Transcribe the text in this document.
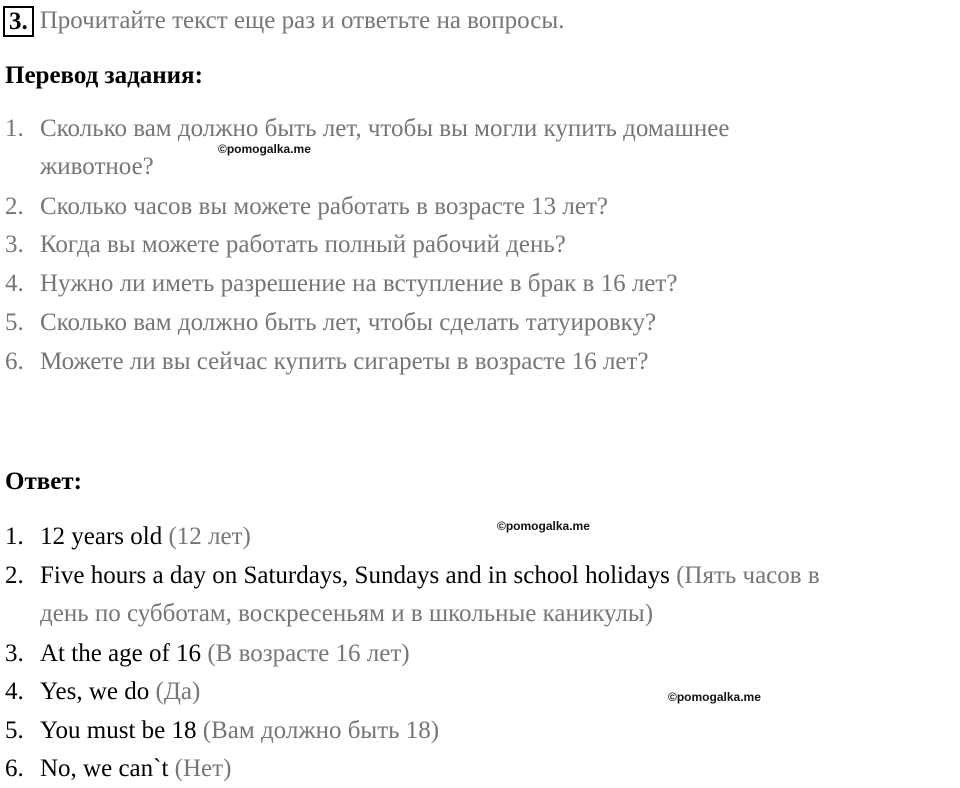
3. Прочитайте текст еще раз и ответьте на вопросы.
Перевод задания:
1. Сколько вам должно быть лет, чтобы вы могли купить домашнее
животное?
2. Сколько часов вы можете работать в возрасте 13 лет?
3. Когда вы можете работать полный рабочий день?
4. Нужно ли иметь разрешение на вступление в брак в 16 лет?
5. Сколько вам должно быть лет, чтобы сделать татуировку?
6. Можете ли вы сейчас купить сигареты в возрасте 16 лет?
Ответ:
1. 12 years old (12 лет)
2. Five hours a day on Saturdays, Sundays and in school holidays (Пять часов в
день по субботам, воскресеньям и в школьные каникулы)
3. At the age of 16 (В возрасте 16 лет)
4. Yes, we do (Да)
5. You must be 18 (Вам должно быть 18)
6. No, we can`t (Нет)
©pomogalka.me
©pomogalka.me
©pomogalka.me
